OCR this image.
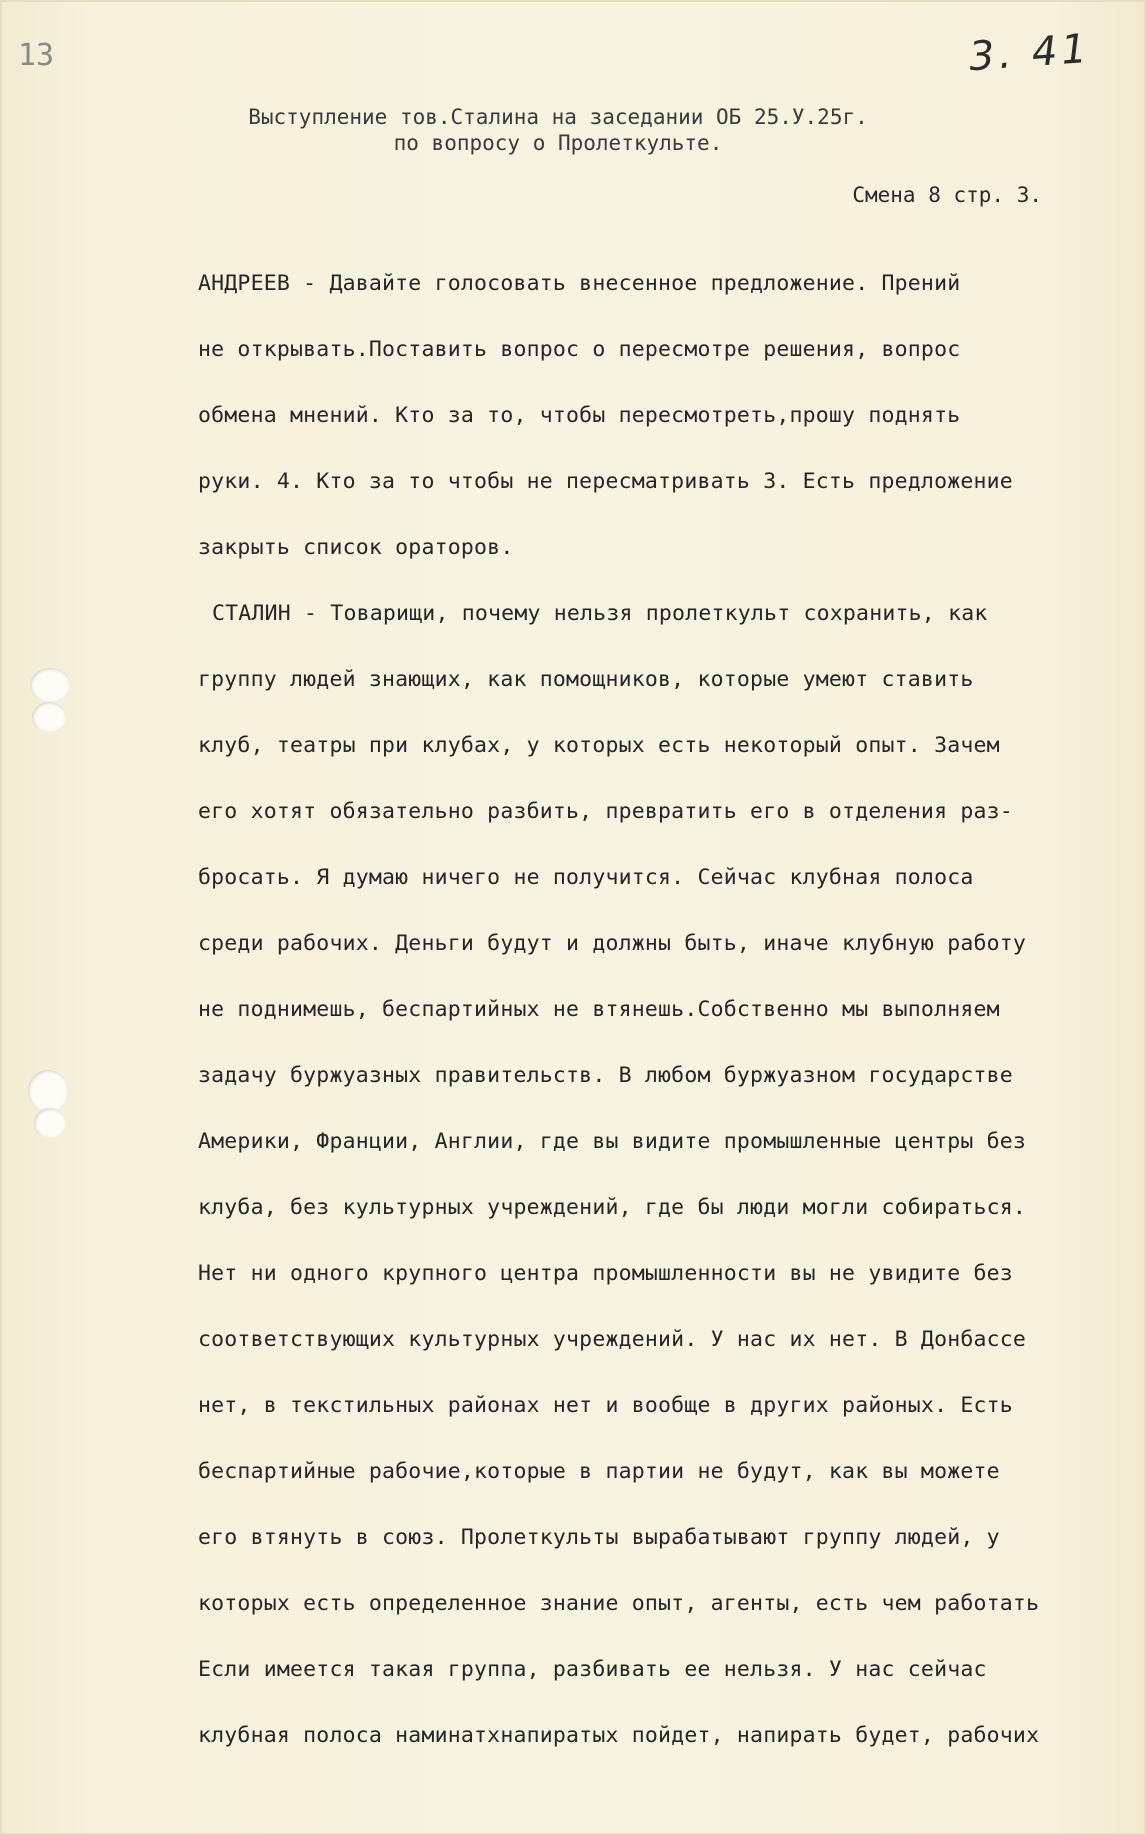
13	3. 41
Выступление тов.Сталина на заседании ОБ 25.У.25г.
по вопросу о Пролеткульте.
Смена 8 стр. 3.
АНДРЕЕВ - Давайте голосовать внесенное предложение. Прений
не открывать.Поставить вопрос о пересмотре решения, вопрос
обмена мнений. Кто за то, чтобы пересмотреть,прошу поднять
руки. 4. Кто за то чтобы не пересматривать 3. Есть предложение
закрыть список ораторов.
СТАЛИН - Товарищи, почему нельзя пролеткульт сохранить, как
группу людей знающих, как помощников, которые умеют ставить
клуб, театры при клубах, у которых есть некоторый опыт. Зачем
его хотят обязательно разбить, превратить его в отделения раз-
бросать. Я думаю ничего не получится. Сейчас клубная полоса
среди рабочих. Деньги будут и должны быть, иначе клубную работу
не поднимешь, беспартийных не втянешь.Собственно мы выполняем
задачу буржуазных правительств. В любом буржуазном государстве
Америки, Франции, Англии, где вы видите промышленные центры без
клуба, без культурных учреждений, где бы люди могли собираться.
Нет ни одного крупного центра промышленности вы не увидите без
соответствующих культурных учреждений. У нас их нет. В Донбассе
нет, в текстильных районах нет и вообще в других районых. Есть
беспартийные рабочие,которые в партии не будут, как вы можете
его втянуть в союз. Пролеткульты вырабатывают группу людей, у
которых есть определенное знание опыт, агенты, есть чем работать
Если имеется такая группа, разбивать ее нельзя. У нас сейчас
клубная полоса наминатхнапиратых пойдет, напирать будет, рабочих
